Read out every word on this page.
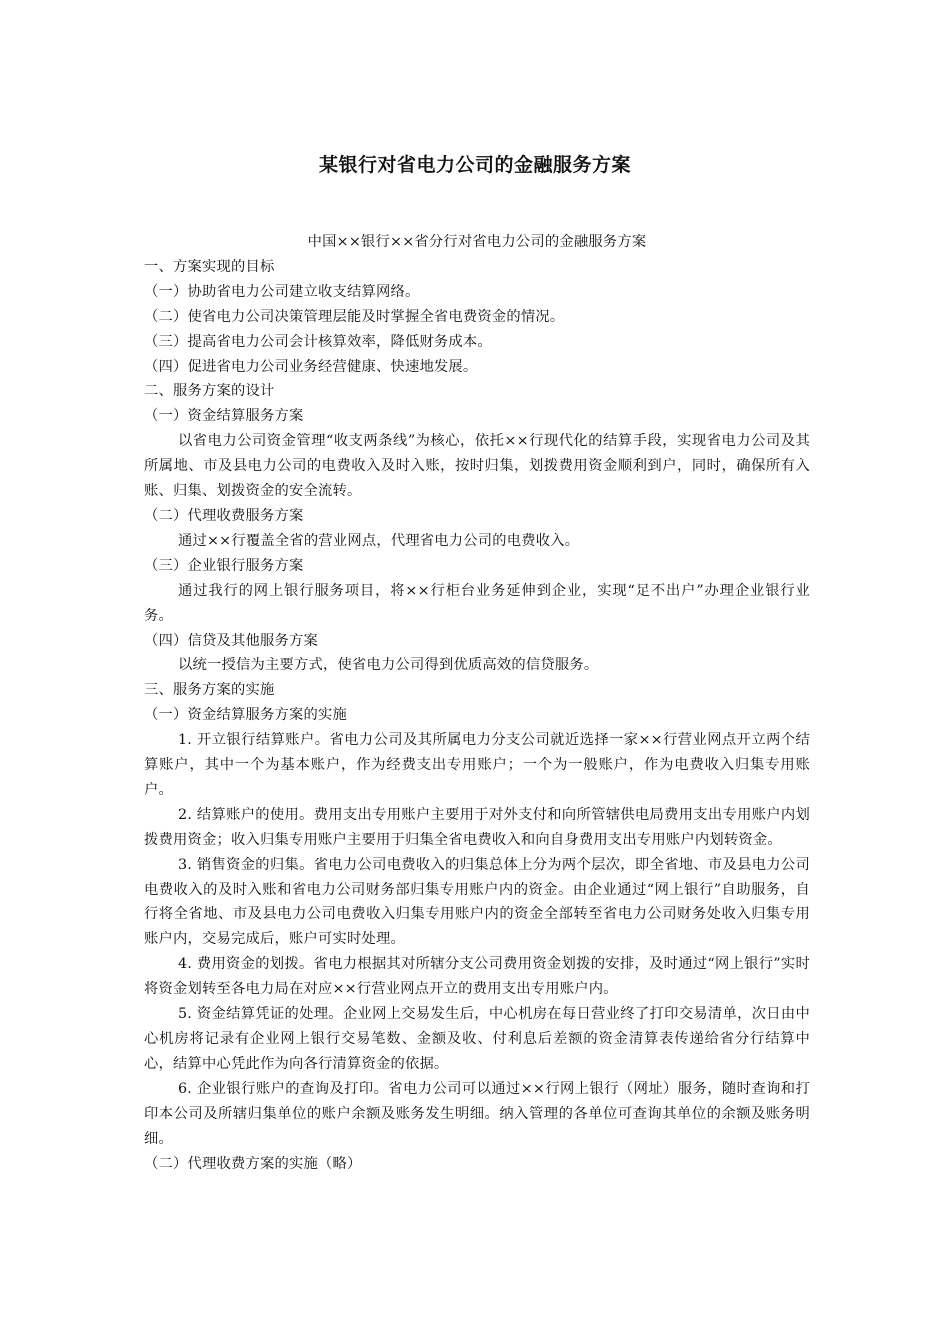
某银行对省电力公司的金融服务方案

中国××银行××省分行对省电力公司的金融服务方案

一、方案实现的目标

（一）协助省电力公司建立收支结算网络。

（二）使省电力公司决策管理层能及时掌握全省电费资金的情况。

（三）提高省电力公司会计核算效率，降低财务成本。

（四）促进省电力公司业务经营健康、快速地发展。

二、服务方案的设计

（一）资金结算服务方案

以省电力公司资金管理“收支两条线”为核心，依托××行现代化的结算手段，实现省电力公司及其所属地、市及县电力公司的电费收入及时入账，按时归集，划拨费用资金顺利到户，同时，确保所有入账、归集、划拨资金的安全流转。

（二）代理收费服务方案

通过××行覆盖全省的营业网点，代理省电力公司的电费收入。

（三）企业银行服务方案

通过我行的网上银行服务项目，将××行柜台业务延伸到企业，实现“足不出户”办理企业银行业务。

（四）信贷及其他服务方案

以统一授信为主要方式，使省电力公司得到优质高效的信贷服务。

三、服务方案的实施

（一）资金结算服务方案的实施

1. 开立银行结算账户。省电力公司及其所属电力分支公司就近选择一家××行营业网点开立两个结算账户，其中一个为基本账户，作为经费支出专用账户；一个为一般账户，作为电费收入归集专用账户。

2. 结算账户的使用。费用支出专用账户主要用于对外支付和向所管辖供电局费用支出专用账户内划拨费用资金；收入归集专用账户主要用于归集全省电费收入和向自身费用支出专用账户内划转资金。

3. 销售资金的归集。省电力公司电费收入的归集总体上分为两个层次，即全省地、市及县电力公司电费收入的及时入账和省电力公司财务部归集专用账户内的资金。由企业通过“网上银行”自助服务，自行将全省地、市及县电力公司电费收入归集专用账户内的资金全部转至省电力公司财务处收入归集专用账户内，交易完成后，账户可实时处理。

4. 费用资金的划拨。省电力根据其对所辖分支公司费用资金划拨的安排，及时通过“网上银行”实时将资金划转至各电力局在对应××行营业网点开立的费用支出专用账户内。

5. 资金结算凭证的处理。企业网上交易发生后，中心机房在每日营业终了打印交易清单，次日由中心机房将记录有企业网上银行交易笔数、金额及收、付利息后差额的资金清算表传递给省分行结算中心，结算中心凭此作为向各行清算资金的依据。

6. 企业银行账户的查询及打印。省电力公司可以通过××行网上银行（网址）服务，随时查询和打印本公司及所辖归集单位的账户余额及账务发生明细。纳入管理的各单位可查询其单位的余额及账务明细。

（二）代理收费方案的实施（略）
